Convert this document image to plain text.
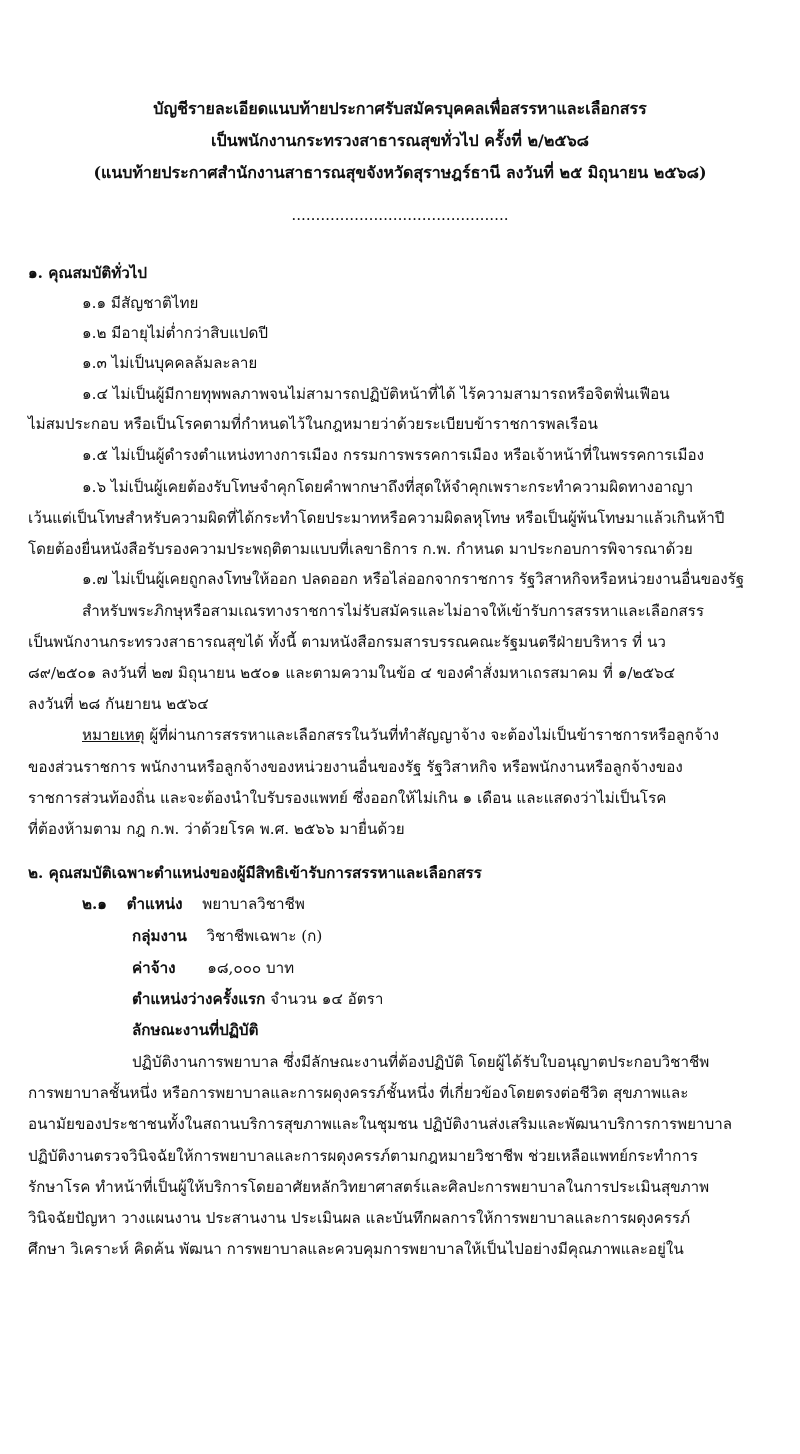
บัญชีรายละเอียดแนบท้ายประกาศรับสมัครบุคคลเพื่อสรรหาและเลือกสรร
เป็นพนักงานกระทรวงสาธารณสุขทั่วไป ครั้งที่ ๒/๒๕๖๘
(แนบท้ายประกาศสำนักงานสาธารณสุขจังหวัดสุราษฎร์ธานี ลงวันที่ ๒๕ มิถุนายน ๒๕๖๘)
.............................................
๑. คุณสมบัติทั่วไป
๑.๑ มีสัญชาติไทย
๑.๒ มีอายุไม่ต่ำกว่าสิบแปดปี
๑.๓ ไม่เป็นบุคคลล้มละลาย
๑.๔ ไม่เป็นผู้มีกายทุพพลภาพจนไม่สามารถปฏิบัติหน้าที่ได้ ไร้ความสามารถหรือจิตฟั่นเฟือน
ไม่สมประกอบ หรือเป็นโรคตามที่กำหนดไว้ในกฎหมายว่าด้วยระเบียบข้าราชการพลเรือน
๑.๕ ไม่เป็นผู้ดำรงตำแหน่งทางการเมือง กรรมการพรรคการเมือง หรือเจ้าหน้าที่ในพรรคการเมือง
๑.๖ ไม่เป็นผู้เคยต้องรับโทษจำคุกโดยคำพากษาถึงที่สุดให้จำคุกเพราะกระทำความผิดทางอาญา
เว้นแต่เป็นโทษสำหรับความผิดที่ได้กระทำโดยประมาทหรือความผิดลหุโทษ หรือเป็นผู้พ้นโทษมาแล้วเกินห้าปี
โดยต้องยื่นหนังสือรับรองความประพฤติตามแบบที่เลขาธิการ ก.พ. กำหนด มาประกอบการพิจารณาด้วย
๑.๗ ไม่เป็นผู้เคยถูกลงโทษให้ออก ปลดออก หรือไล่ออกจากราชการ รัฐวิสาหกิจหรือหน่วยงานอื่นของรัฐ
สำหรับพระภิกษุหรือสามเณรทางราชการไม่รับสมัครและไม่อาจให้เข้ารับการสรรหาและเลือกสรร
เป็นพนักงานกระทรวงสาธารณสุขได้ ทั้งนี้ ตามหนังสือกรมสารบรรณคณะรัฐมนตรีฝ่ายบริหาร ที่ นว
๘๙/๒๕๐๑ ลงวันที่ ๒๗ มิถุนายน ๒๕๐๑ และตามความในข้อ ๔ ของคำสั่งมหาเถรสมาคม ที่ ๑/๒๕๖๔
ลงวันที่ ๒๘ กันยายน ๒๕๖๔
หมายเหตุ ผู้ที่ผ่านการสรรหาและเลือกสรรในวันที่ทำสัญญาจ้าง จะต้องไม่เป็นข้าราชการหรือลูกจ้าง
ของส่วนราชการ พนักงานหรือลูกจ้างของหน่วยงานอื่นของรัฐ รัฐวิสาหกิจ หรือพนักงานหรือลูกจ้างของ
ราชการส่วนท้องถิ่น และจะต้องนำใบรับรองแพทย์ ซึ่งออกให้ไม่เกิน ๑ เดือน และแสดงว่าไม่เป็นโรค
ที่ต้องห้ามตาม กฎ ก.พ. ว่าด้วยโรค พ.ศ. ๒๕๖๖ มายื่นด้วย
๒. คุณสมบัติเฉพาะตำแหน่งของผู้มีสิทธิเข้ารับการสรรหาและเลือกสรร
๒.๑ ตำแหน่ง พยาบาลวิชาชีพ
กลุ่มงาน วิชาชีพเฉพาะ (ก)
ค่าจ้าง ๑๘,๐๐๐ บาท
ตำแหน่งว่างครั้งแรก จำนวน ๑๔ อัตรา
ลักษณะงานที่ปฏิบัติ
ปฏิบัติงานการพยาบาล ซึ่งมีลักษณะงานที่ต้องปฏิบัติ โดยผู้ได้รับใบอนุญาตประกอบวิชาชีพ
การพยาบาลชั้นหนึ่ง หรือการพยาบาลและการผดุงครรภ์ชั้นหนึ่ง ที่เกี่ยวข้องโดยตรงต่อชีวิต สุขภาพและ
อนามัยของประชาชนทั้งในสถานบริการสุขภาพและในชุมชน ปฏิบัติงานส่งเสริมและพัฒนาบริการการพยาบาล
ปฏิบัติงานตรวจวินิจฉัยให้การพยาบาลและการผดุงครรภ์ตามกฎหมายวิชาชีพ ช่วยเหลือแพทย์กระทำการ
รักษาโรค ทำหน้าที่เป็นผู้ให้บริการโดยอาศัยหลักวิทยาศาสตร์และศิลปะการพยาบาลในการประเมินสุขภาพ
วินิจฉัยปัญหา วางแผนงาน ประสานงาน ประเมินผล และบันทึกผลการให้การพยาบาลและการผดุงครรภ์
ศึกษา วิเคราะห์ คิดค้น พัฒนา การพยาบาลและควบคุมการพยาบาลให้เป็นไปอย่างมีคุณภาพและอยู่ใน
